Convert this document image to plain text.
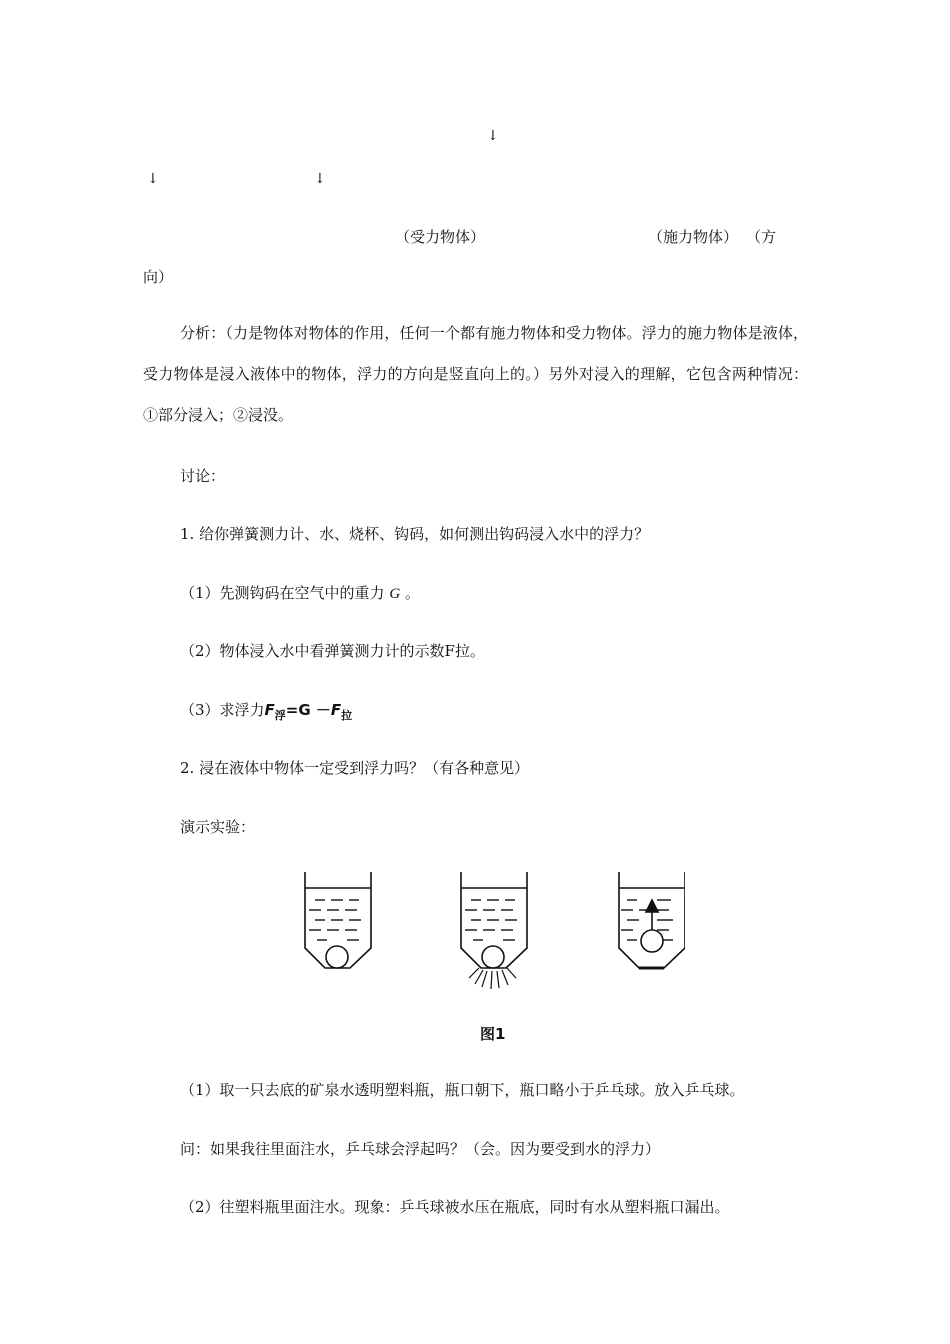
↓
↓	↓
（受力物体）	（施力物体） （方
向）
分析：（力是物体对物体的作用，任何一个都有施力物体和受力物体。浮力的施力物体是液体，受力物体是浸入液体中的物体，浮力的方向是竖直向上的。）另外对浸入的理解，它包含两种情况：①部分浸入；②浸没。
讨论：
1. 给你弹簧测力计、水、烧杯、钩码，如何测出钩码浸入水中的浮力？
（1）先测钩码在空气中的重力 G 。
（2）物体浸入水中看弹簧测力计的示数F拉。
（3）求浮力$F_浮=G -F_拉$
2. 浸在液体中物体一定受到浮力吗？（有各种意见）
演示实验：
图1
（1）取一只去底的矿泉水透明塑料瓶，瓶口朝下，瓶口略小于乒乓球。放入乒乓球。
问：如果我往里面注水，乒乓球会浮起吗？（会。因为要受到水的浮力）
（2）往塑料瓶里面注水。现象：乒乓球被水压在瓶底，同时有水从塑料瓶口漏出。
